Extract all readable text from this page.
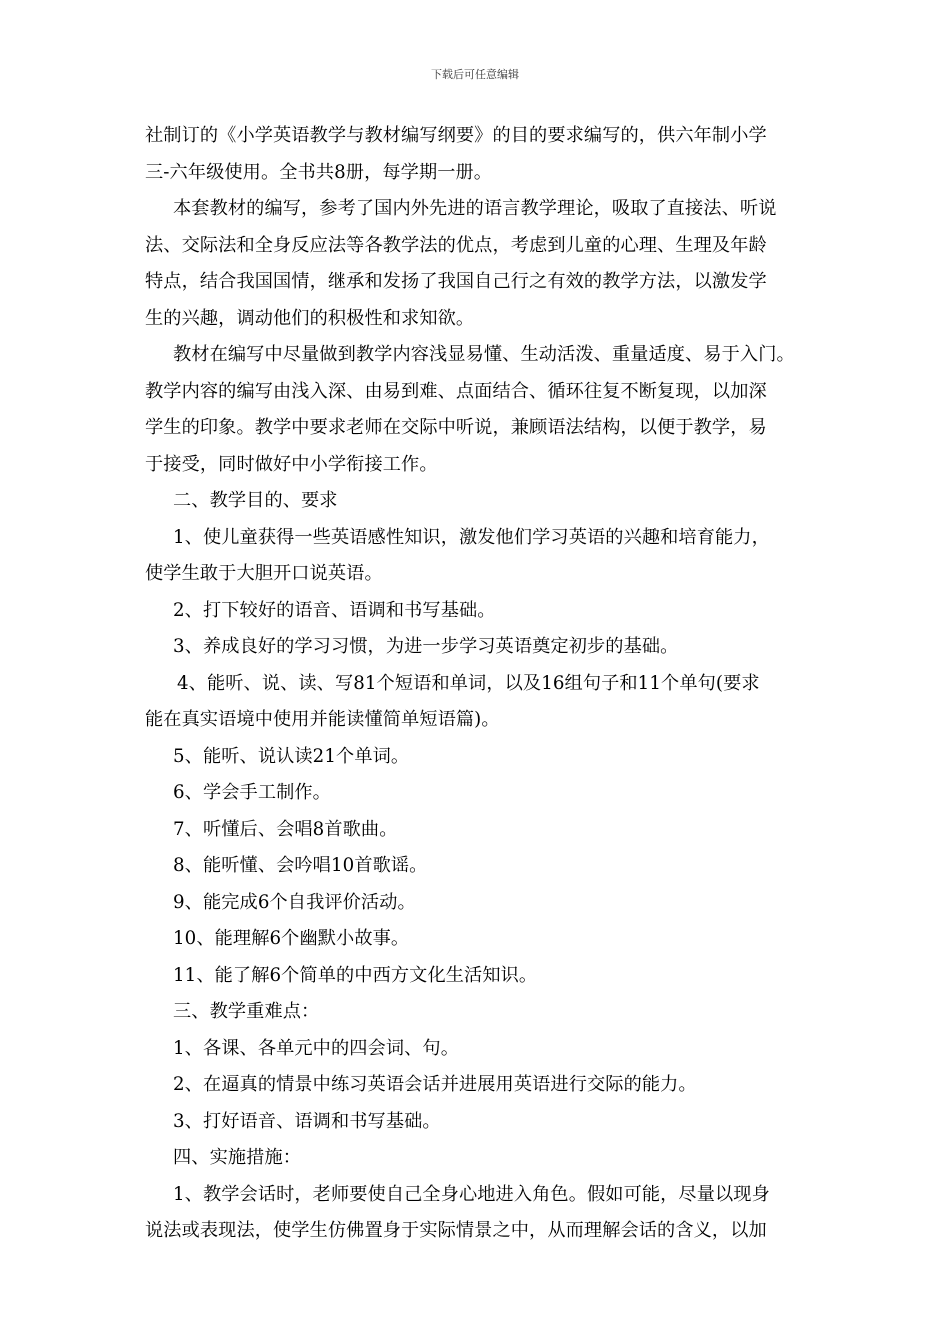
下载后可任意编辑
社制订的《小学英语教学与教材编写纲要》的目的要求编写的，供六年制小学
三-六年级使用。全书共8册，每学期一册。
本套教材的编写，参考了国内外先进的语言教学理论，吸取了直接法、听说
法、交际法和全身反应法等各教学法的优点，考虑到儿童的心理、生理及年龄
特点，结合我国国情，继承和发扬了我国自己行之有效的教学方法，以激发学
生的兴趣，调动他们的积极性和求知欲。
教材在编写中尽量做到教学内容浅显易懂、生动活泼、重量适度、易于入门。
教学内容的编写由浅入深、由易到难、点面结合、循环往复不断复现，以加深
学生的印象。教学中要求老师在交际中听说，兼顾语法结构，以便于教学，易
于接受，同时做好中小学衔接工作。
二、教学目的、要求
1、使儿童获得一些英语感性知识，激发他们学习英语的兴趣和培育能力，
使学生敢于大胆开口说英语。
2、打下较好的语音、语调和书写基础。
3、养成良好的学习习惯，为进一步学习英语奠定初步的基础。
4、能听、说、读、写81个短语和单词，以及16组句子和11个单句(要求
能在真实语境中使用并能读懂简单短语篇)。
5、能听、说认读21个单词。
6、学会手工制作。
7、听懂后、会唱8首歌曲。
8、能听懂、会吟唱10首歌谣。
9、能完成6个自我评价活动。
10、能理解6个幽默小故事。
11、能了解6个简单的中西方文化生活知识。
三、教学重难点：
1、各课、各单元中的四会词、句。
2、在逼真的情景中练习英语会话并进展用英语进行交际的能力。
3、打好语音、语调和书写基础。
四、实施措施：
1、教学会话时，老师要使自己全身心地进入角色。假如可能，尽量以现身
说法或表现法，使学生仿佛置身于实际情景之中，从而理解会话的含义，以加
